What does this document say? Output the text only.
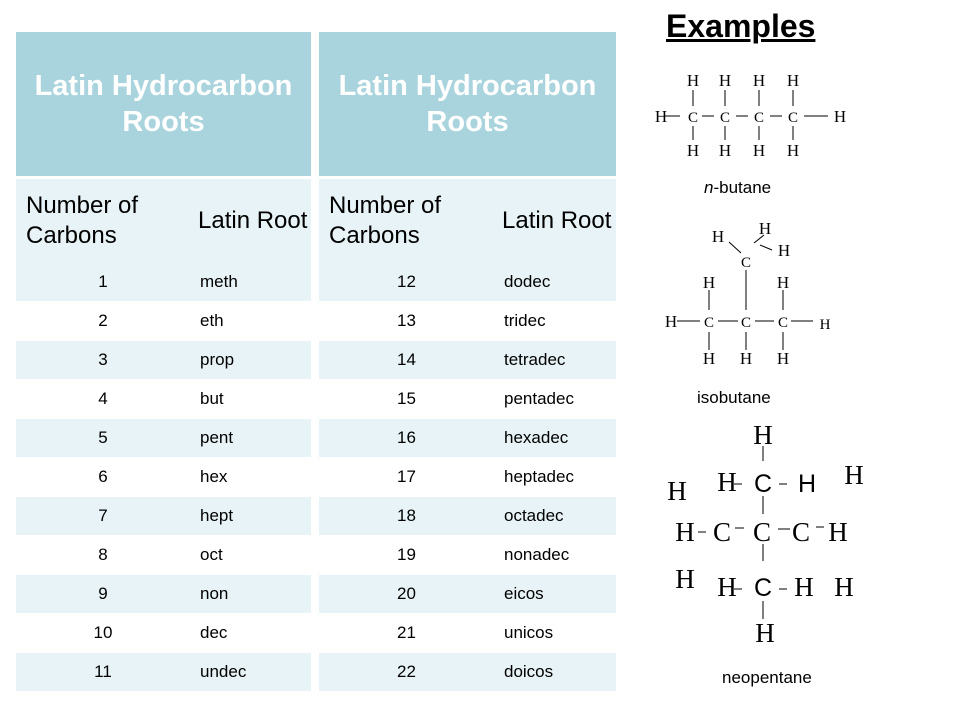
Latin Hydrocarbon Roots	
Number of Carbons	Latin Root
1	meth
2	eth
3	prop
4	but
5	pent
6	hex
7	hept
8	oct
9	non
10	dec
11	undec
Latin Hydrocarbon Roots	
Number of Carbons	Latin Root
12	dodec
13	tridec
14	tetradec
15	pentadec
16	hexadec
17	heptadec
18	octadec
19	nonadec
20	eicos
21	unicos
22	doicos
Examples
H H H H
H C C C C H
H H H H
n-butane
H H
H
C
H	H
H C C C H
H H H
isobutane
H
H
H C H
H
H C C C H
H H C H H
H
neopentane
